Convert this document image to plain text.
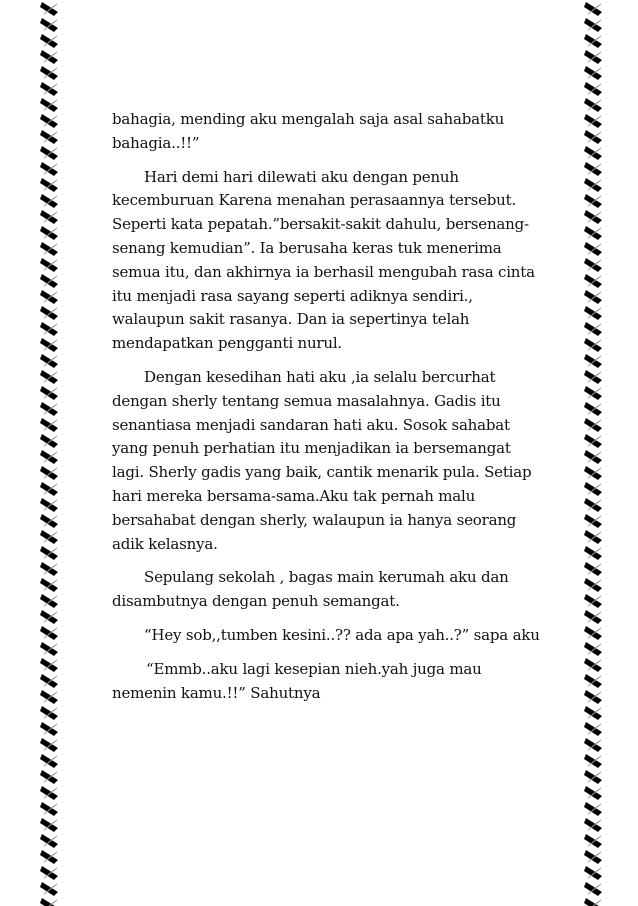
bahagia, mending aku mengalah saja asal sahabatku bahagia..!!”

Hari demi hari dilewati aku dengan penuh kecemburuan Karena menahan perasaannya tersebut. Seperti kata pepatah.”bersakit-sakit dahulu, bersenang-senang kemudian”. Ia berusaha keras tuk menerima semua itu, dan akhirnya ia berhasil mengubah rasa cinta itu menjadi rasa sayang seperti adiknya sendiri., walaupun sakit rasanya. Dan ia sepertinya telah mendapatkan pengganti nurul.

Dengan kesedihan hati aku ,ia selalu bercurhat dengan sherly tentang semua masalahnya. Gadis itu senantiasa menjadi sandaran hati aku. Sosok sahabat yang penuh perhatian itu menjadikan ia bersemangat lagi. Sherly gadis yang baik, cantik menarik pula. Setiap hari mereka bersama-sama.Aku tak pernah malu bersahabat dengan sherly, walaupun ia hanya seorang adik kelasnya.

Sepulang sekolah , bagas main kerumah aku dan disambutnya dengan penuh semangat.

“Hey sob,,tumben kesini..?? ada apa yah..?” sapa aku

“Emmb..aku lagi kesepian nieh.yah juga mau nemenin kamu.!!” Sahutnya
